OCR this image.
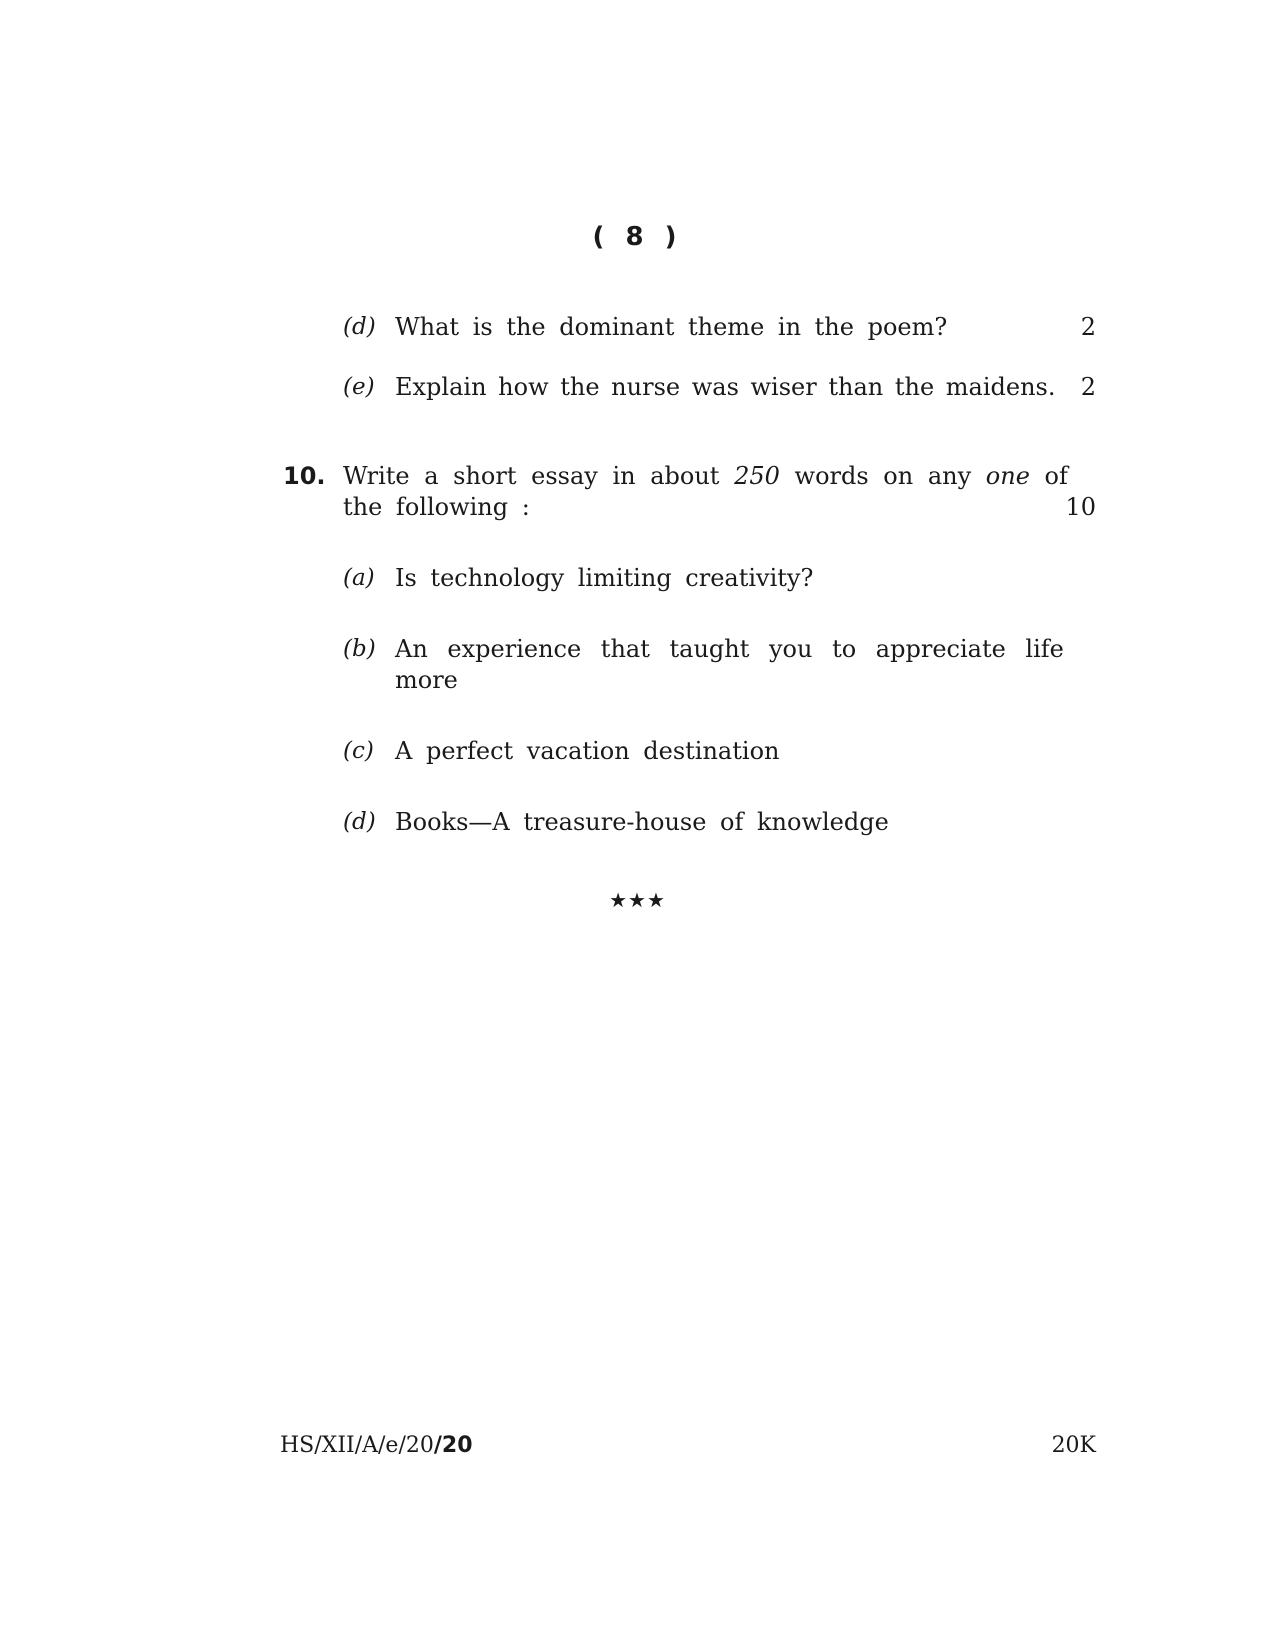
( 8 )
(d) What is the dominant theme in the poem?	2
(e) Explain how the nurse was wiser than the maidens.	2
10. Write a short essay in about 250 words on any one of
the following :	10
(a) Is technology limiting creativity?
(b) An experience that taught you to appreciate life
more
(c) A perfect vacation destination
(d) Books—A treasure-house of knowledge
★★★
HS/XII/A/e/20/20	20K
